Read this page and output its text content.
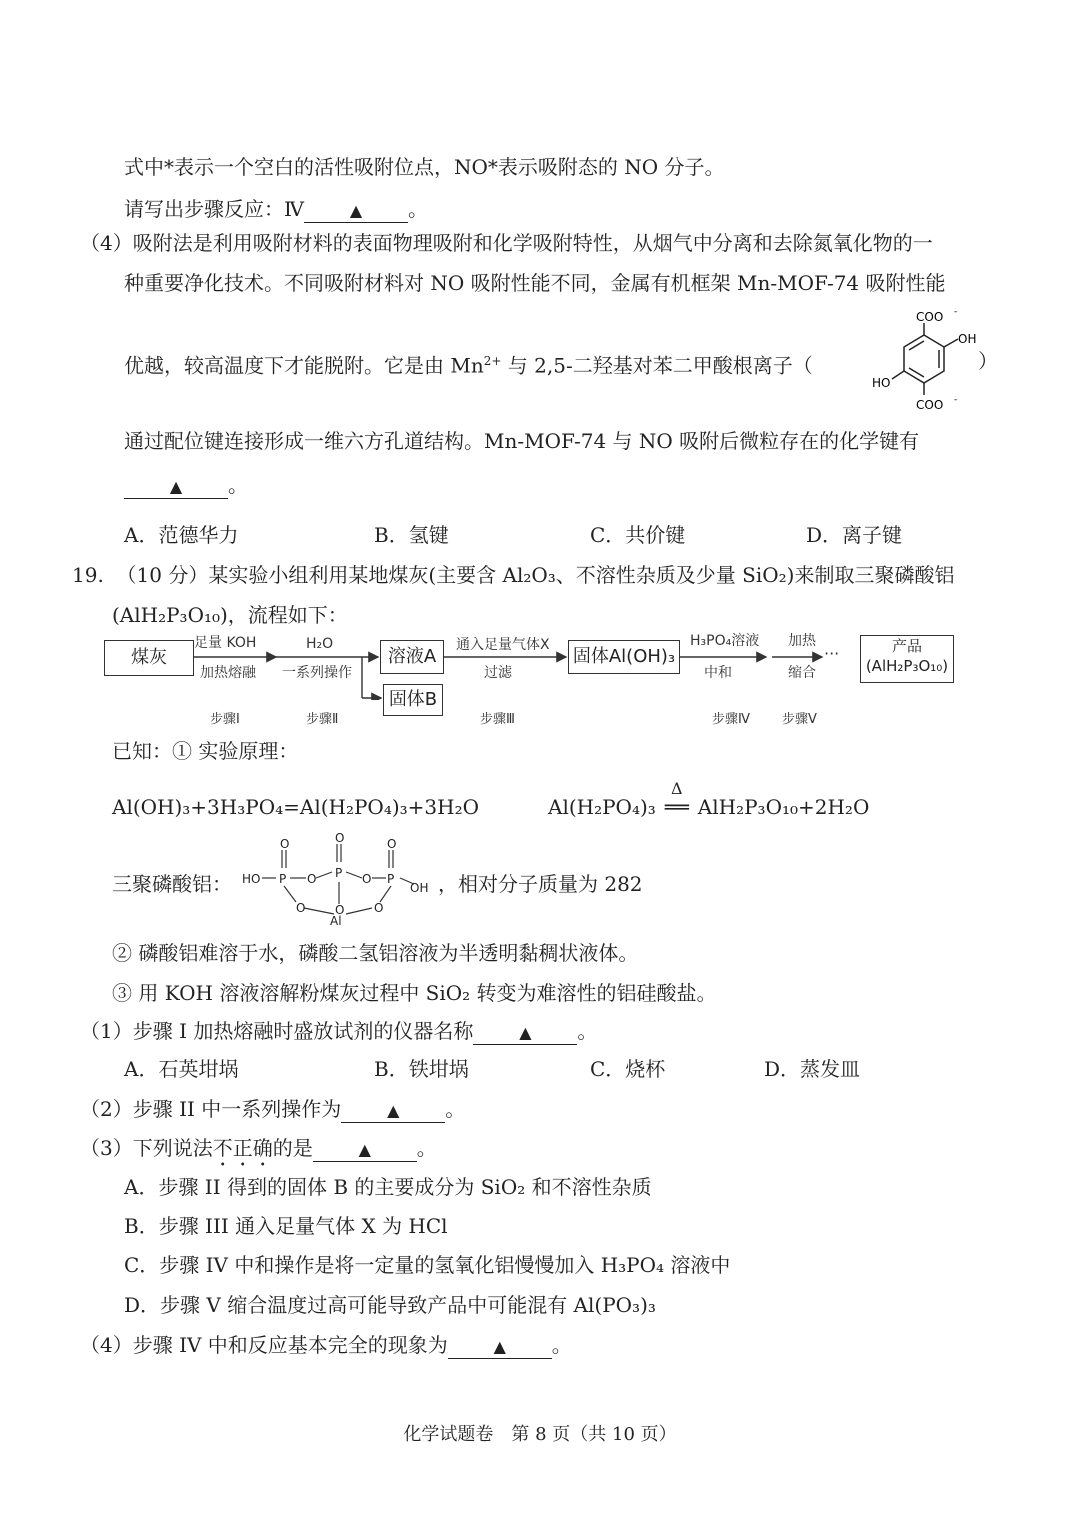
式中*表示一个空白的活性吸附位点，NO*表示吸附态的 NO 分子。
请写出步骤反应：Ⅳ	▲ 。
（4）吸附法是利用吸附材料的表面物理吸附和化学吸附特性，从烟气中分离和去除氮氧化物的一
种重要净化技术。不同吸附材料对 NO 吸附性能不同，金属有机框架 Mn-MOF-74 吸附性能
优越，较高温度下才能脱附。它是由 $Mn^{2+}$ 与 2,5-二羟基对苯二甲酸根离子（	）
COO -
OH
HO
COO -
通过配位键连接形成一维六方孔道结构。Mn-MOF-74 与 NO 吸附后微粒存在的化学键有
▲ 。
A．范德华力	B．氢键	C．共价键	D．离子键
19. （10 分）某实验小组利用某地煤灰(主要含 Al₂O₃、不溶性杂质及少量 SiO₂)来制取三聚磷酸铝
(AlH₂P₃O₁₀)，流程如下：
煤灰	溶液A
固体B
固体Al(OH)₃	产品
(AlH₂P₃O₁₀)
足量 KOH
加热熔融
H₂O
一系列操作
通入足量气体X
过滤
H₃PO₄溶液
中和
加热
缩合
···
步骤Ⅰ	步骤Ⅱ	步骤Ⅲ	步骤Ⅳ 步骤Ⅴ
已知：① 实验原理：
Al(OH)₃+3H₃PO₄=Al(H₂PO₄)₃+3H₂O	Al(H₂PO₄)₃
Δ
══ AlH₂P₃O₁₀+2H₂O
三聚磷酸铝： HO P O P O P
O	O	O
O O O
Al
OH ，相对分子质量为 282
② 磷酸铝难溶于水，磷酸二氢铝溶液为半透明黏稠状液体。
③ 用 KOH 溶液溶解粉煤灰过程中 SiO₂ 转变为难溶性的铝硅酸盐。
（1）步骤 I 加热熔融时盛放试剂的仪器名称	▲ 。
A．石英坩埚	B．铁坩埚	C．烧杯	D．蒸发皿
（2）步骤 II 中一系列操作为	▲ 。
（3）下列说法不正确的是	▲ 。
A．步骤 II 得到的固体 B 的主要成分为 SiO₂ 和不溶性杂质
B．步骤 III 通入足量气体 X 为 HCl
C．步骤 IV 中和操作是将一定量的氢氧化铝慢慢加入 H₃PO₄ 溶液中
D．步骤 V 缩合温度过高可能导致产品中可能混有 Al(PO₃)₃
（4）步骤 IV 中和反应基本完全的现象为	▲ 。
化学试题卷　第 8 页（共 10 页）
